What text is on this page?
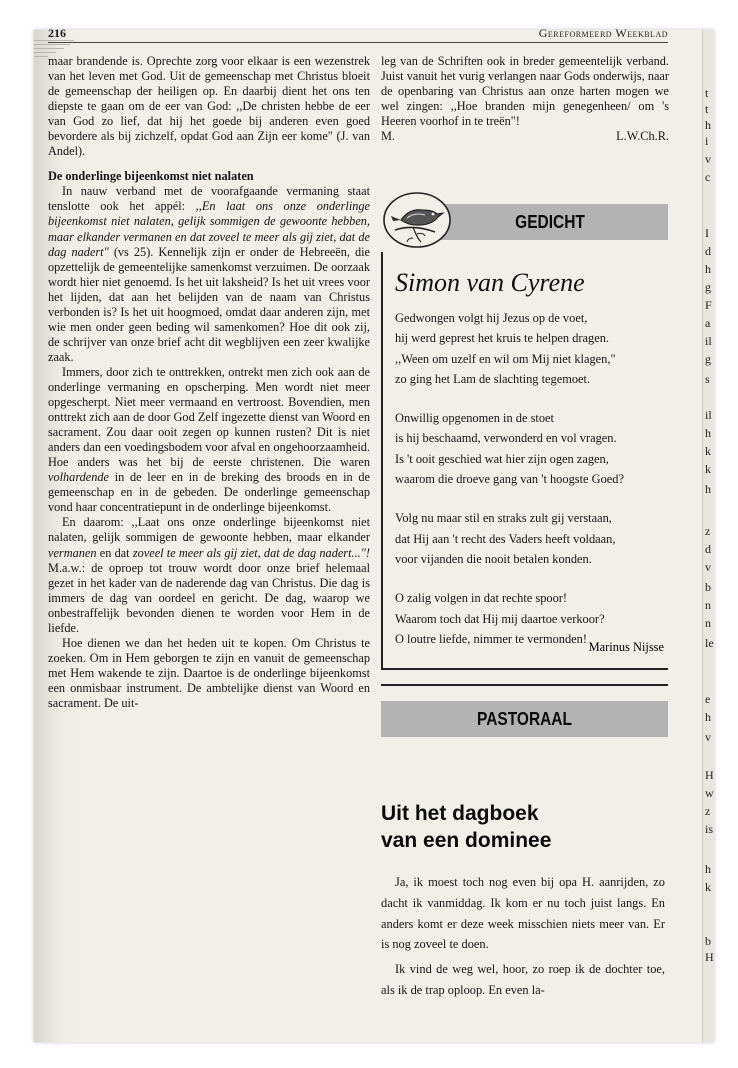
t
t
h
i
v
c
I
d
h
g
F
a
il
g
s
il
h
k
k
h
z
d
v
b
n
n
le
e
h
v
H
w
z
is
h
k
b
H
216	Gereformeerd Weekblad

maar brandende is. Oprechte zorg voor elkaar is een wezenstrek van het leven met God. Uit de gemeenschap met Christus bloeit de gemeenschap der heiligen op. En daarbij dient het ons ten diepste te gaan om de eer van God: ,,De christen hebbe de eer van God zo lief, dat hij het goede bij anderen even goed bevordere als bij zichzelf, opdat God aan Zijn eer kome" (J. van Andel).

De onderlinge bijeenkomst niet nalaten

In nauw verband met de voorafgaande vermaning staat tenslotte ook het appél: ,,En laat ons onze onderlinge bijeenkomst niet nalaten, gelijk sommigen de gewoonte hebben, maar elkander vermanen en dat zoveel te meer als gij ziet, dat de dag nadert" (vs 25). Kennelijk zijn er onder de Hebreeën, die opzettelijk de gemeentelijke samenkomst verzuimen. De oorzaak wordt hier niet genoemd. Is het uit laksheid? Is het uit vrees voor het lijden, dat aan het belijden van de naam van Christus verbonden is? Is het uit hoogmoed, omdat daar anderen zijn, met wie men onder geen beding wil samenkomen? Hoe dit ook zij, de schrijver van onze brief acht dit wegblijven een zeer kwalijke zaak.

Immers, door zich te onttrekken, ontrekt men zich ook aan de onderlinge vermaning en opscherping. Men wordt niet meer opgescherpt. Niet meer vermaand en vertroost. Bovendien, men onttrekt zich aan de door God Zelf ingezette dienst van Woord en sacrament. Zou daar ooit zegen op kunnen rusten? Dit is niet anders dan een voedingsbodem voor afval en ongehoorzaamheid. Hoe anders was het bij de eerste christenen. Die waren volhardende in de leer en in de breking des broods en in de gemeenschap en in de gebeden. De onderlinge gemeenschap vond haar concentratiepunt in de onderlinge bijeenkomst.

En daarom: ,,Laat ons onze onderlinge bijeenkomst niet nalaten, gelijk sommigen de gewoonte hebben, maar elkander vermanen en dat zoveel te meer als gij ziet, dat de dag nadert..."! M.a.w.: de oproep tot trouw wordt door onze brief helemaal gezet in het kader van de naderende dag van Christus. Die dag is immers de dag van oordeel en gericht. De dag, waarop we onbestraffelijk bevonden dienen te worden voor Hem in de liefde.

Hoe dienen we dan het heden uit te kopen. Om Christus te zoeken. Om in Hem geborgen te zijn en vanuit de gemeenschap met Hem wakende te zijn. Daartoe is de onderlinge bijeenkomst een onmisbaar instrument. De ambtelijke dienst van Woord en sacrament. De uit-

leg van de Schriften ook in breder gemeentelijk verband. Juist vanuit het vurig verlangen naar Gods onderwijs, naar de openbaring van Christus aan onze harten mogen we wel zingen: ,,Hoe branden mijn genegenheen/ om 's Heeren voorhof in te treën"!

M.	L.W.Ch.R.

GEDICHT
Simon van Cyrene
Gedwongen volgt hij Jezus op de voet,
hij werd geprest het kruis te helpen dragen.
,,Ween om uzelf en wil om Mij niet klagen,"
zo ging het Lam de slachting tegemoet.
Onwillig opgenomen in de stoet
is hij beschaamd, verwonderd en vol vragen.
Is 't ooit geschied wat hier zijn ogen zagen,
waarom die droeve gang van 't hoogste Goed?
Volg nu maar stil en straks zult gij verstaan,
dat Hij aan 't recht des Vaders heeft voldaan,
voor vijanden die nooit betalen konden.
O zalig volgen in dat rechte spoor!
Waarom toch dat Hij mij daartoe verkoor?
O loutre liefde, nimmer te vermonden!
Marinus Nijsse
PASTORAAL
Uit het dagboek
van een dominee

Ja, ik moest toch nog even bij opa H. aanrijden, zo dacht ik vanmiddag. Ik kom er nu toch juist langs. En anders komt er deze week misschien niets meer van. Er is nog zoveel te doen.

Ik vind de weg wel, hoor, zo roep ik de dochter toe, als ik de trap oploop. En even la-
